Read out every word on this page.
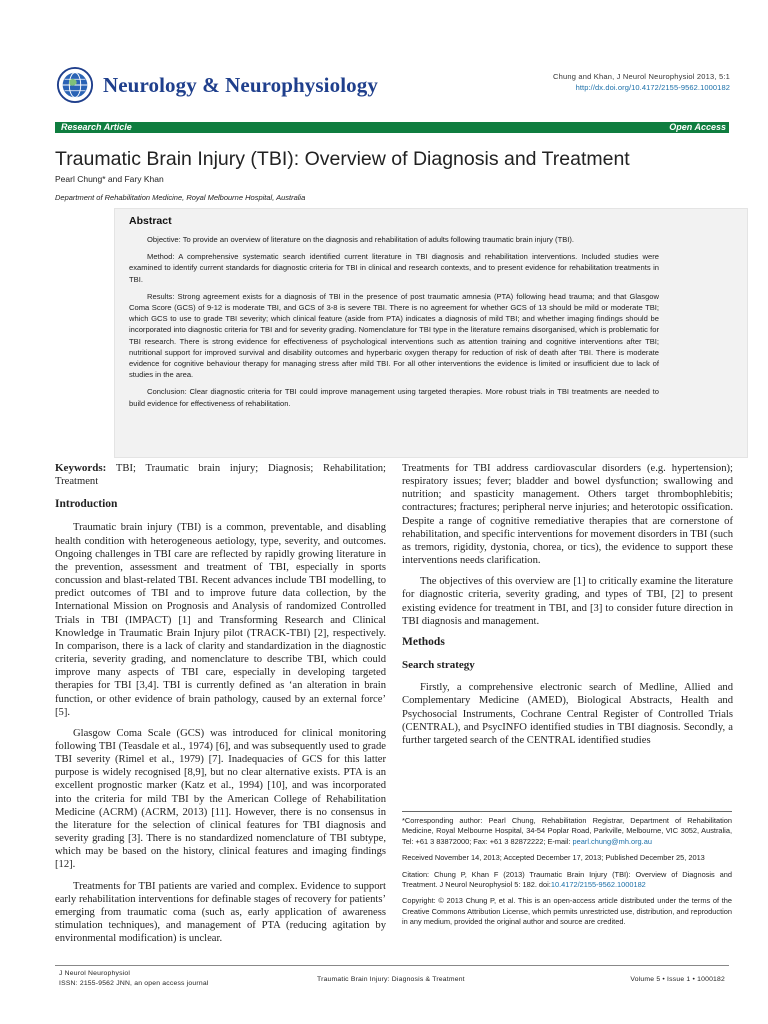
Neurology & Neurophysiology	Chung and Khan, J Neurol Neurophysiol 2013, 5:1
http://dx.doi.org/10.4172/2155-9562.1000182
Research Article	Open Access
Traumatic Brain Injury (TBI): Overview of Diagnosis and Treatment
Pearl Chung* and Fary Khan
Department of Rehabilitation Medicine, Royal Melbourne Hospital, Australia
Abstract

Objective: To provide an overview of literature on the diagnosis and rehabilitation of adults following traumatic brain injury (TBI).

Method: A comprehensive systematic search identified current literature in TBI diagnosis and rehabilitation interventions. Included studies were examined to identify current standards for diagnostic criteria for TBI in clinical and research contexts, and to present evidence for rehabilitation treatments in TBI.

Results: Strong agreement exists for a diagnosis of TBI in the presence of post traumatic amnesia (PTA) following head trauma; and that Glasgow Coma Score (GCS) of 9-12 is moderate TBI, and GCS of 3-8 is severe TBI. There is no agreement for whether GCS of 13 should be mild or moderate TBI; which GCS to use to grade TBI severity; which clinical feature (aside from PTA) indicates a diagnosis of mild TBI; and whether imaging findings should be incorporated into diagnostic criteria for TBI and for severity grading. Nomenclature for TBI type in the literature remains disorganised, which is problematic for TBI research. There is strong evidence for effectiveness of psychological interventions such as attention training and cognitive interventions after TBI; nutritional support for improved survival and disability outcomes and hyperbaric oxygen therapy for reduction of risk of death after TBI. There is moderate evidence for cognitive behaviour therapy for managing stress after mild TBI. For all other interventions the evidence is limited or insufficient due to lack of studies in the area.

Conclusion: Clear diagnostic criteria for TBI could improve management using targeted therapies. More robust trials in TBI treatments are needed to build evidence for effectiveness of rehabilitation.

Keywords: TBI; Traumatic brain injury; Diagnosis; Rehabilitation; Treatment
Introduction

Traumatic brain injury (TBI) is a common, preventable, and disabling health condition with heterogeneous aetiology, type, severity, and outcomes. Ongoing challenges in TBI care are reflected by rapidly growing literature in the prevention, assessment and treatment of TBI, especially in sports concussion and blast-related TBI. Recent advances include TBI modelling, to predict outcomes of TBI and to improve future data collection, by the International Mission on Prognosis and Analysis of randomized Controlled Trials in TBI (IMPACT) [1] and Transforming Research and Clinical Knowledge in Traumatic Brain Injury pilot (TRACK-TBI) [2], respectively. In comparison, there is a lack of clarity and standardization in the diagnostic criteria, severity grading, and nomenclature to describe TBI, which could improve many aspects of TBI care, especially in developing targeted therapies for TBI [3,4]. TBI is currently defined as ‘an alteration in brain function, or other evidence of brain pathology, caused by an external force’ [5].

Glasgow Coma Scale (GCS) was introduced for clinical monitoring following TBI (Teasdale et al., 1974) [6], and was subsequently used to grade TBI severity (Rimel et al., 1979) [7]. Inadequacies of GCS for this latter purpose is widely recognised [8,9], but no clear alternative exists. PTA is an excellent prognostic marker (Katz et al., 1994) [10], and was incorporated into the criteria for mild TBI by the American College of Rehabilitation Medicine (ACRM) (ACRM, 2013) [11]. However, there is no consensus in the literature for the selection of clinical features for TBI diagnosis and severity grading [3]. There is no standardized nomenclature of TBI subtype, which may be based on the history, clinical features and imaging findings [12].

Treatments for TBI patients are varied and complex. Evidence to support early rehabilitation interventions for definable stages of recovery for patients’ emerging from traumatic coma (such as, early application of awareness stimulation techniques), and management of PTA (reducing agitation by environmental modification) is unclear.

Treatments for TBI address cardiovascular disorders (e.g. hypertension); respiratory issues; fever; bladder and bowel dysfunction; swallowing and nutrition; and spasticity management. Others target thrombophlebitis; contractures; fractures; peripheral nerve injuries; and heterotopic ossification. Despite a range of cognitive remediative therapies that are cornerstone of rehabilitation, and specific interventions for movement disorders in TBI (such as tremors, rigidity, dystonia, chorea, or tics), the evidence to support these interventions needs clarification.

The objectives of this overview are [1] to critically examine the literature for diagnostic criteria, severity grading, and types of TBI, [2] to present existing evidence for treatment in TBI, and [3] to consider future direction in TBI diagnosis and management.

Methods
Search strategy

Firstly, a comprehensive electronic search of Medline, Allied and Complementary Medicine (AMED), Biological Abstracts, Health and Psychosocial Instruments, Cochrane Central Register of Controlled Trials (CENTRAL), and PsycINFO identified studies in TBI diagnosis. Secondly, a further targeted search of the CENTRAL identified studies

*Corresponding author: Pearl Chung, Rehabilitation Registrar, Department of Rehabilitation Medicine, Royal Melbourne Hospital, 34-54 Poplar Road, Parkville, Melbourne, VIC 3052, Australia, Tel: +61 3 83872000; Fax: +61 3 82872222; E-mail: pearl.chung@mh.org.au
Received November 14, 2013; Accepted December 17, 2013; Published December 25, 2013
Citation: Chung P, Khan F (2013) Traumatic Brain Injury (TBI): Overview of Diagnosis and Treatment. J Neurol Neurophysiol 5: 182. doi:10.4172/2155-9562.1000182
Copyright: © 2013 Chung P, et al. This is an open-access article distributed under the terms of the Creative Commons Attribution License, which permits unrestricted use, distribution, and reproduction in any medium, provided the original author and source are credited.
J Neurol Neurophysiol
ISSN: 2155-9562 JNN, an open access journal
Traumatic Brain Injury: Diagnosis & Treatment	Volume 5 • Issue 1 • 1000182
